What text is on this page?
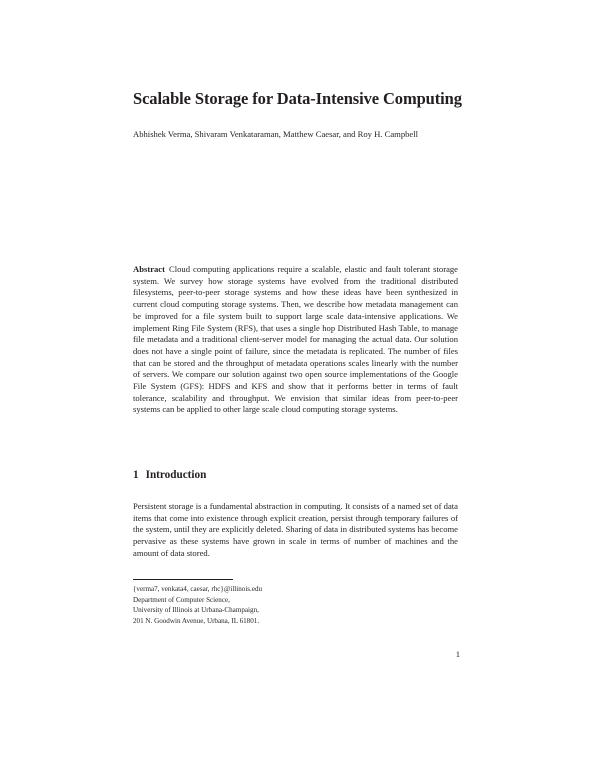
Scalable Storage for Data-Intensive Computing
Abhishek Verma, Shivaram Venkataraman, Matthew Caesar, and Roy H. Campbell
Abstract Cloud computing applications require a scalable, elastic and fault tolerant storage system. We survey how storage systems have evolved from the traditional distributed filesystems, peer-to-peer storage systems and how these ideas have been synthesized in current cloud computing storage systems. Then, we describe how metadata management can be improved for a file system built to support large scale data-intensive applications. We implement Ring File System (RFS), that uses a single hop Distributed Hash Table, to manage file metadata and a traditional client-server model for managing the actual data. Our solution does not have a single point of failure, since the metadata is replicated. The number of files that can be stored and the throughput of metadata operations scales linearly with the number of servers. We compare our solution against two open source implementations of the Google File System (GFS): HDFS and KFS and show that it performs better in terms of fault tolerance, scalability and throughput. We envision that similar ideas from peer-to-peer systems can be applied to other large scale cloud computing storage systems.
1 Introduction
Persistent storage is a fundamental abstraction in computing. It consists of a named set of data items that come into existence through explicit creation, persist through temporary failures of the system, until they are explicitly deleted. Sharing of data in distributed systems has become pervasive as these systems have grown in scale in terms of number of machines and the amount of data stored.
{verma7, venkata4, caesar, rhc}@illinois.edu
Department of Computer Science,
University of Illinois at Urbana-Champaign,
201 N. Goodwin Avenue, Urbana, IL 61801.
1
